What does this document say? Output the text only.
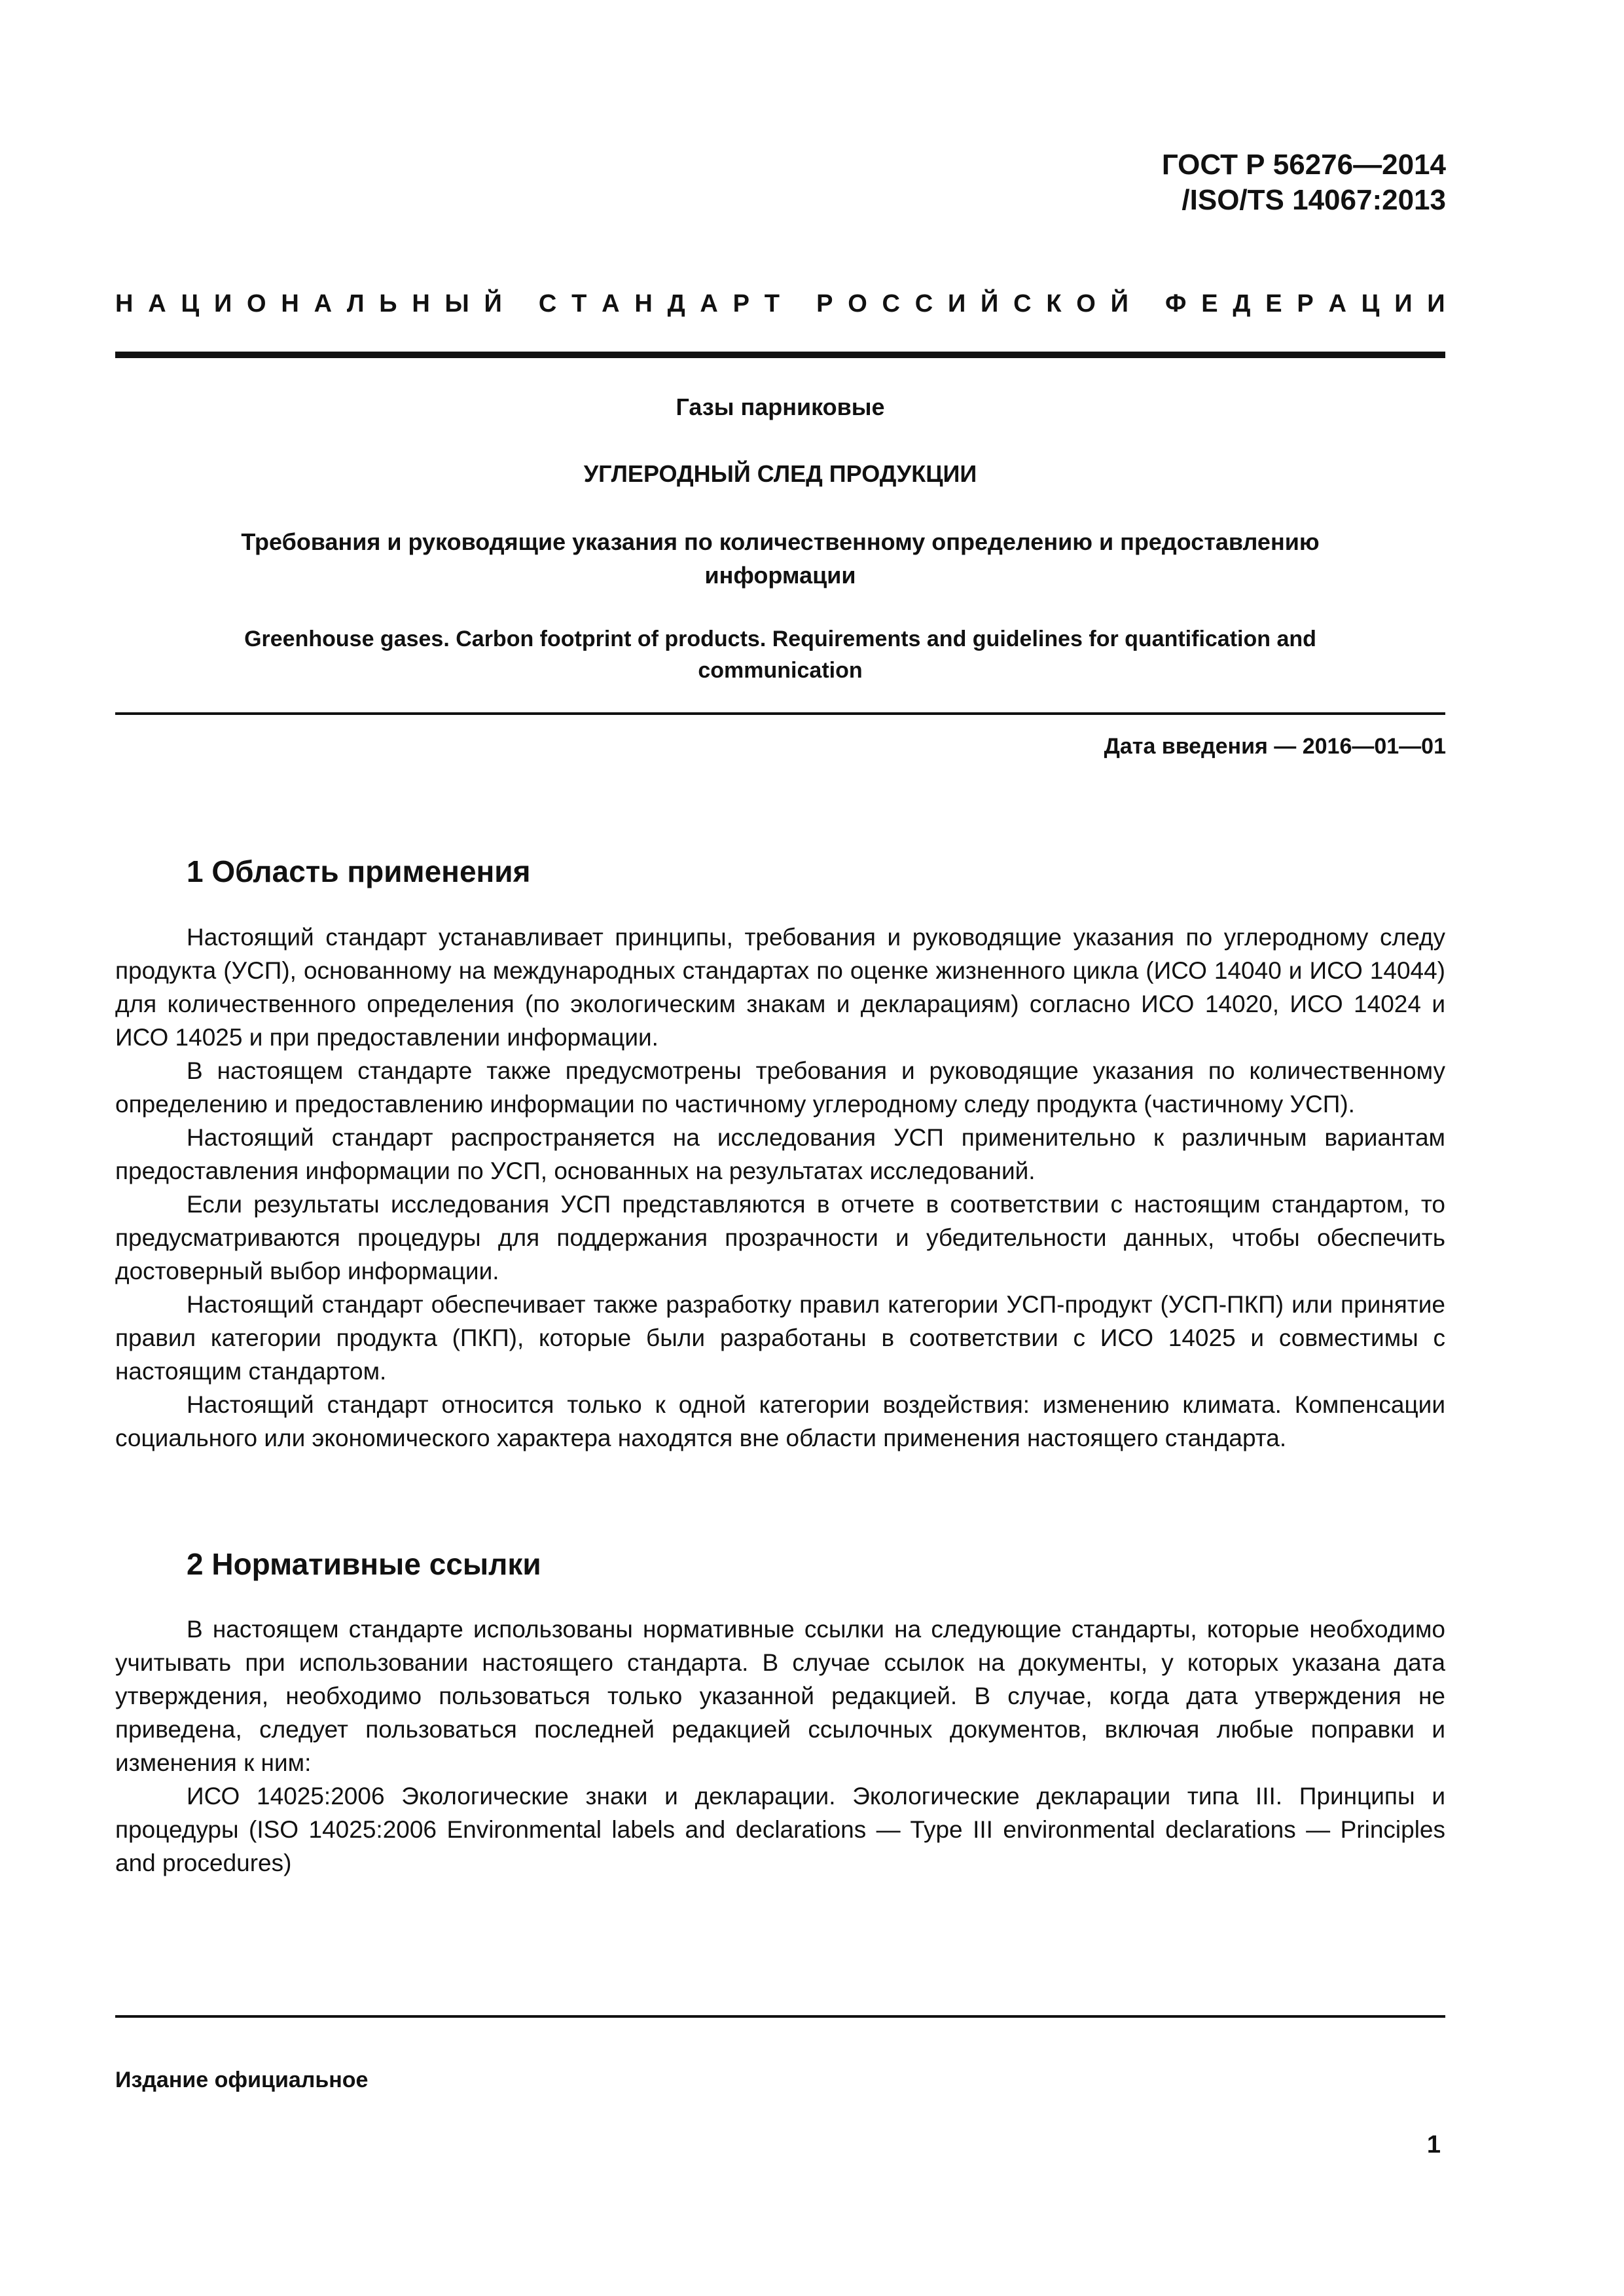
ГОСТ Р 56276—2014
/ISO/TS 14067:2013
Н А Ц И О Н А Л Ь Н Ы Й
С Т А Н Д А Р Т
Р О С С И Й С К О Й
Ф Е Д Е Р А Ц И И
Газы парниковые
УГЛЕРОДНЫЙ СЛЕД ПРОДУКЦИИ
Требования и руководящие указания по количественному определению и предоставлению
информации
Greenhouse gases. Carbon footprint of products. Requirements and guidelines for quantification and
communication
Дата введения — 2016—01—01
1 Область применения

Настоящий стандарт устанавливает принципы, требования и руководящие указания по углеродному следу продукта (УСП), основанному на международных стандартах по оценке жизненного цикла (ИСО 14040 и ИСО 14044) для количественного определения (по экологическим знакам и декларaциям) согласно ИСО 14020, ИСО 14024 и ИСО 14025 и при предоставлении информации.

В настоящем стандарте также предусмотрены требования и руководящие указания по количественному определению и предоставлению информации по частичному углеродному следу продукта (частичному УСП).

Настоящий стандарт распространяется на исследования УСП применительно к различным вариантам предоставления информации по УСП, основанных на результатах исследований.

Если результаты исследования УСП представляются в отчете в соответствии с настоящим стандартом, то предусматриваются процедуры для поддержания прозрачности и убедительности данных, чтобы обеспечить достоверный выбор информации.

Настоящий стандарт обеспечивает также разработку правил категории УСП-продукт (УСП-ПКП) или принятие правил категории продукта (ПКП), которые были разработаны в соответствии с ИСО 14025 и совместимы с настоящим стандартом.

Настоящий стандарт относится только к одной категории воздействия: изменению климата. Компенсации социального или экономического характера находятся вне области применения настоящего стандарта.

2 Нормативные ссылки

В настоящем стандарте использованы нормативные ссылки на следующие стандарты, которые необходимо учитывать при использовании настоящего стандарта. В случае ссылок на документы, у которых указана дата утверждения, необходимо пользоваться только указанной редакцией. В случае, когда дата утверждения не приведена, следует пользоваться последней редакцией ссылочных документов, включая любые поправки и изменения к ним:

ИСО 14025:2006 Экологические знаки и декларации. Экологические декларации типа III. Принципы и процедуры (ISO 14025:2006 Environmental labels and declarations — Type III environmental declarations — Principles and procedures)

Издание официальное
1
